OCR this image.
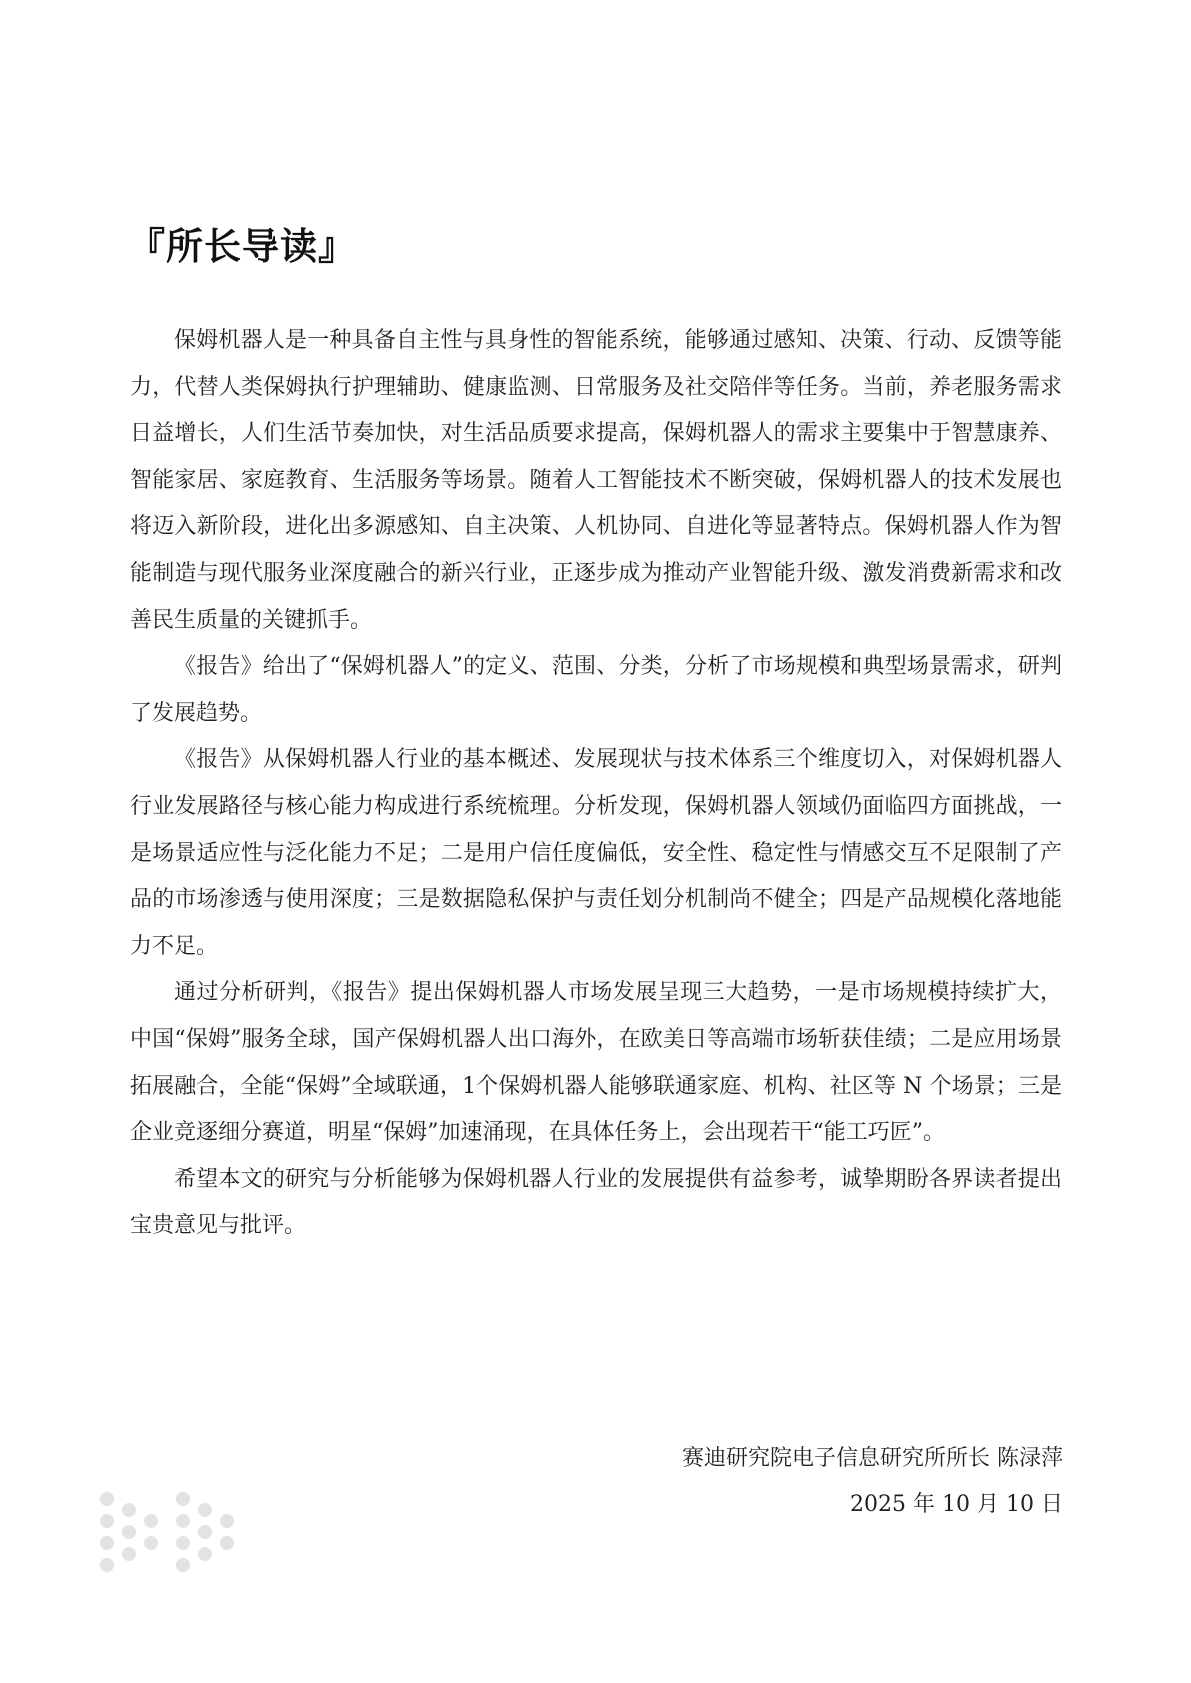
『所长导读』

保姆机器人是一种具备自主性与具身性的智能系统，能够通过感知、决策、行动、反馈等能力，代替人类保姆执行护理辅助、健康监测、日常服务及社交陪伴等任务。当前，养老服务需求日益增长，人们生活节奏加快，对生活品质要求提高，保姆机器人的需求主要集中于智慧康养、智能家居、家庭教育、生活服务等场景。随着人工智能技术不断突破，保姆机器人的技术发展也将迈入新阶段，进化出多源感知、自主决策、人机协同、自进化等显著特点。保姆机器人作为智能制造与现代服务业深度融合的新兴行业，正逐步成为推动产业智能升级、激发消费新需求和改善民生质量的关键抓手。

《报告》给出了“保姆机器人”的定义、范围、分类，分析了市场规模和典型场景需求，研判了发展趋势。

《报告》从保姆机器人行业的基本概述、发展现状与技术体系三个维度切入，对保姆机器人行业发展路径与核心能力构成进行系统梳理。分析发现，保姆机器人领域仍面临四方面挑战，一是场景适应性与泛化能力不足；二是用户信任度偏低，安全性、稳定性与情感交互不足限制了产品的市场渗透与使用深度；三是数据隐私保护与责任划分机制尚不健全；四是产品规模化落地能力不足。

通过分析研判，《报告》提出保姆机器人市场发展呈现三大趋势，一是市场规模持续扩大，中国“保姆”服务全球，国产保姆机器人出口海外，在欧美日等高端市场斩获佳绩；二是应用场景拓展融合，全能“保姆”全域联通，1个保姆机器人能够联通家庭、机构、社区等 N 个场景；三是企业竞逐细分赛道，明星“保姆”加速涌现，在具体任务上，会出现若干“能工巧匠”。

希望本文的研究与分析能够为保姆机器人行业的发展提供有益参考，诚挚期盼各界读者提出宝贵意见与批评。

赛迪研究院电子信息研究所所长 陈渌萍
2025 年 10 月 10 日
